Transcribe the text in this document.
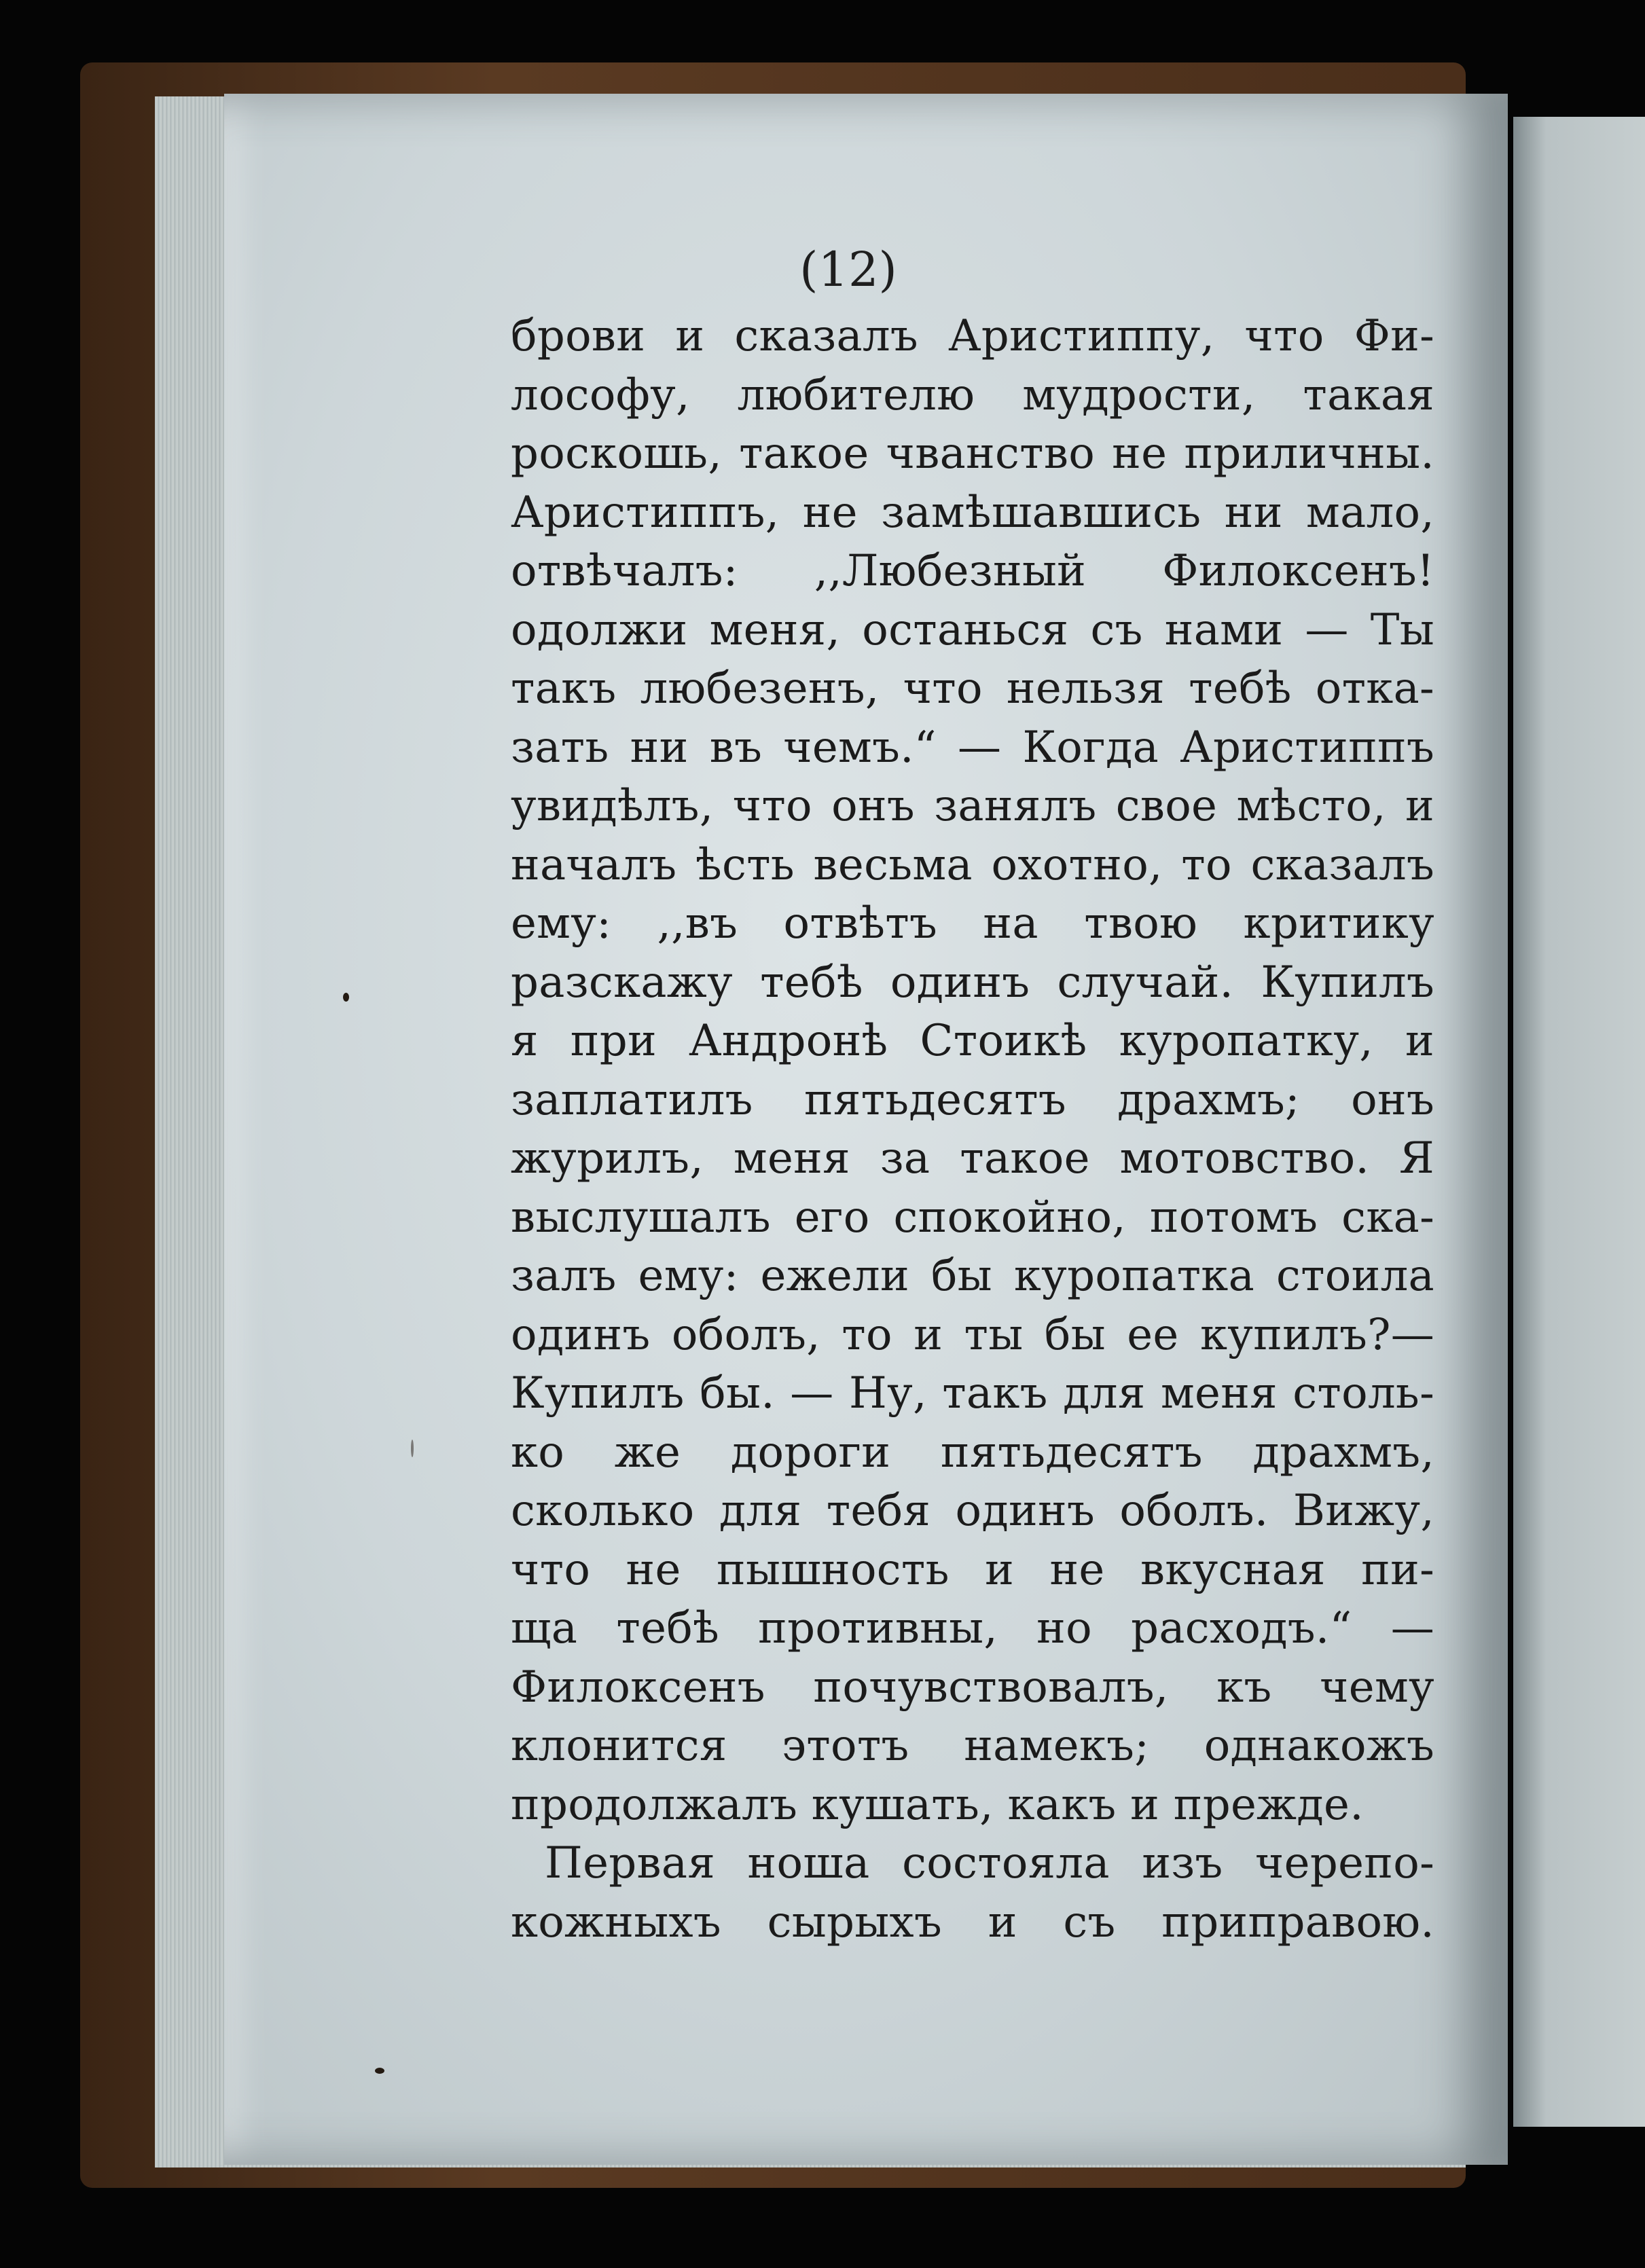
(12)
брови и сказалъ Аристиппу, что Фи-
лософу, любителю мудрости, такая
роскошь, такое чванство не приличны.
Аристиппъ, не замѣшавшись ни мало,
отвѣчалъ: ,,Любезный Филоксенъ!
одолжи меня, останься съ нами — Ты
такъ любезенъ, что нельзя тебѣ отка-
зать ни въ чемъ.“ — Когда Аристиппъ
увидѣлъ, что онъ занялъ свое мѣсто, и
началъ ѣсть весьма охотно, то сказалъ
ему: ,,въ отвѣтъ на твою критику
разскажу тебѣ одинъ случай. Купилъ
я при Андронѣ Стоикѣ куропатку, и
заплатилъ пятьдесятъ драхмъ; онъ
журилъ, меня за такое мотовство. Я
выслушалъ его спокойно, потомъ ска-
залъ ему: ежели бы куропатка стоила
одинъ оболъ, то и ты бы ее купилъ?—
Купилъ бы. — Ну, такъ для меня столь-
ко же дороги пятьдесятъ драхмъ,
сколько для тебя одинъ оболъ. Вижу,
что не пышность и не вкусная пи-
ща тебѣ противны, но расходъ.“ —
Филоксенъ почувствовалъ, къ чему
клонится этотъ намекъ; однакожъ
продолжалъ кушать, какъ и прежде.
Первая ноша состояла изъ черепо-
кожныхъ сырыхъ и съ приправою.
